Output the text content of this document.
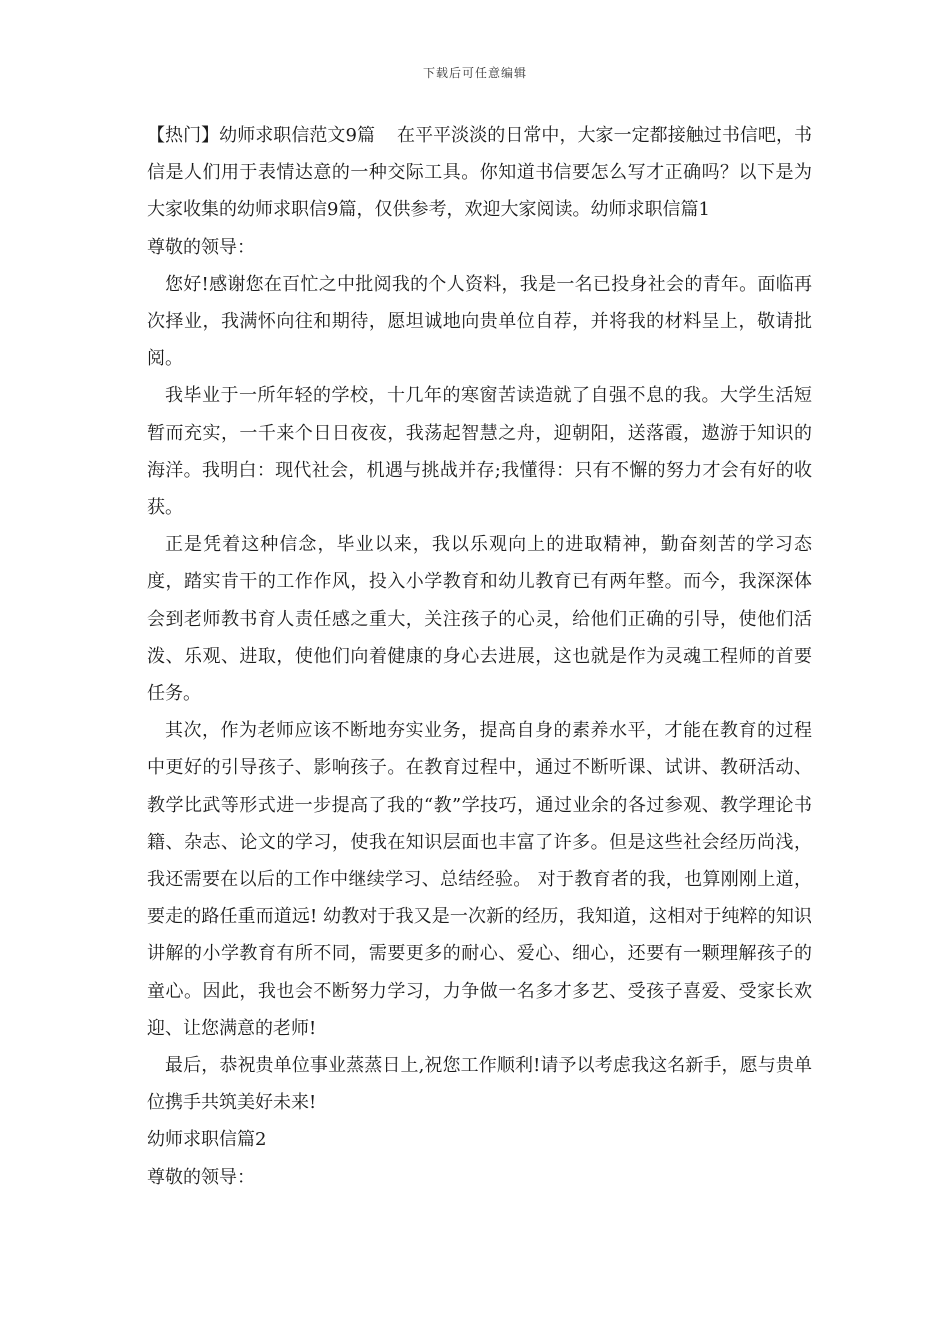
下载后可任意编辑

【热门】幼师求职信范文9篇 在平平淡淡的日常中，大家一定都接触过书信吧，书信是人们用于表情达意的一种交际工具。你知道书信要怎么写才正确吗？以下是为大家收集的幼师求职信9篇，仅供参考，欢迎大家阅读。幼师求职信篇1

尊敬的领导：

您好!感谢您在百忙之中批阅我的个人资料，我是一名已投身社会的青年。面临再次择业，我满怀向往和期待，愿坦诚地向贵单位自荐，并将我的材料呈上，敬请批阅。

我毕业于一所年轻的学校，十几年的寒窗苦读造就了自强不息的我。大学生活短暂而充实，一千来个日日夜夜，我荡起智慧之舟，迎朝阳，送落霞，遨游于知识的海洋。我明白：现代社会，机遇与挑战并存;我懂得：只有不懈的努力才会有好的收获。

正是凭着这种信念，毕业以来，我以乐观向上的进取精神，勤奋刻苦的学习态度，踏实肯干的工作作风，投入小学教育和幼儿教育已有两年整。而今，我深深体会到老师教书育人责任感之重大，关注孩子的心灵，给他们正确的引导，使他们活泼、乐观、进取，使他们向着健康的身心去进展，这也就是作为灵魂工程师的首要任务。

其次，作为老师应该不断地夯实业务，提高自身的素养水平，才能在教育的过程中更好的引导孩子、影响孩子。在教育过程中，通过不断听课、试讲、教研活动、教学比武等形式进一步提高了我的“教”学技巧，通过业余的各过参观、教学理论书籍、杂志、论文的学习，使我在知识层面也丰富了许多。但是这些社会经历尚浅，我还需要在以后的工作中继续学习、总结经验。 对于教育者的我，也算刚刚上道，要走的路任重而道远! 幼教对于我又是一次新的经历，我知道，这相对于纯粹的知识讲解的小学教育有所不同，需要更多的耐心、爱心、细心，还要有一颗理解孩子的童心。因此，我也会不断努力学习，力争做一名多才多艺、受孩子喜爱、受家长欢迎、让您满意的老师!

最后，恭祝贵单位事业蒸蒸日上,祝您工作顺利!请予以考虑我这名新手，愿与贵单位携手共筑美好未来!

幼师求职信篇2

尊敬的领导：
